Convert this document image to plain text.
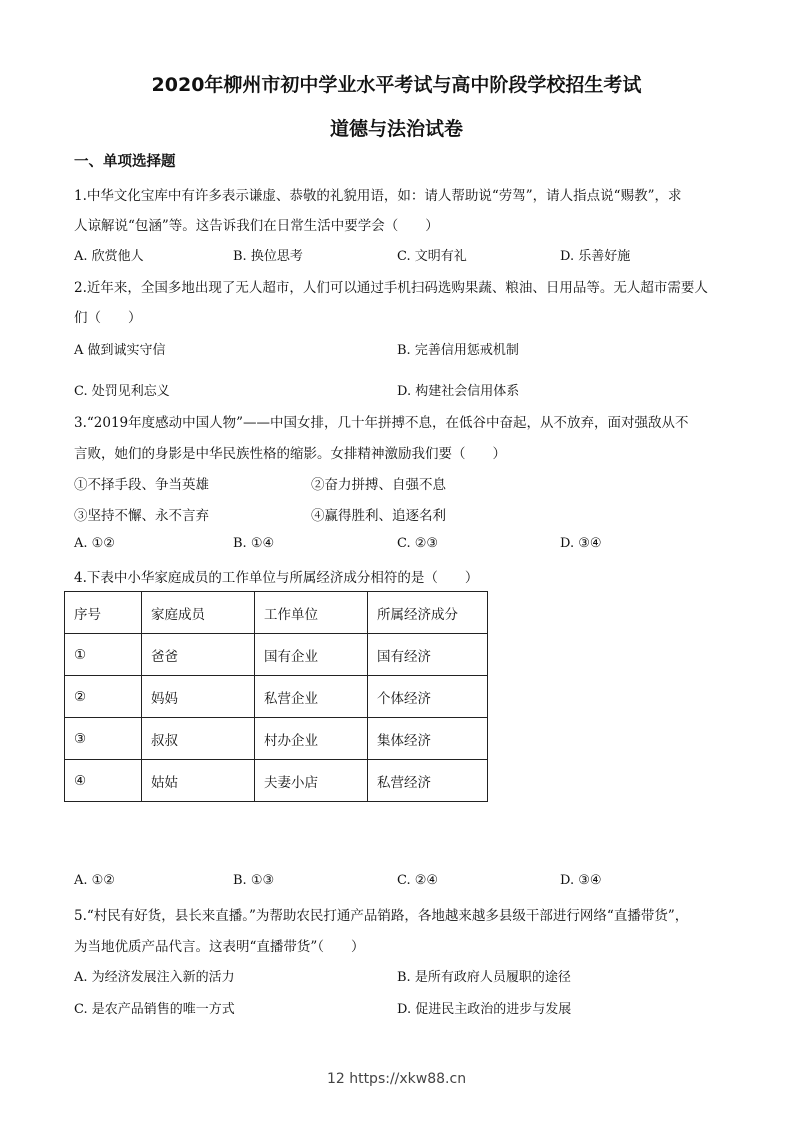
2020年柳州市初中学业水平考试与高中阶段学校招生考试
道德与法治试卷
一、单项选择题
1.中华文化宝库中有许多表示谦虚、恭敬的礼貌用语，如：请人帮助说“劳驾”，请人指点说“赐教”，求
人谅解说“包涵”等。这告诉我们在日常生活中要学会（　　）
A. 欣赏他人	B. 换位思考	C. 文明有礼	D. 乐善好施
2.近年来，全国多地出现了无人超市，人们可以通过手机扫码选购果蔬、粮油、日用品等。无人超市需要人
们（　　）
A 做到诚实守信	B. 完善信用惩戒机制
C. 处罚见利忘义	D. 构建社会信用体系
3.“2019年度感动中国人物”——中国女排，几十年拼搏不息，在低谷中奋起，从不放弃，面对强敌从不
言败，她们的身影是中华民族性格的缩影。女排精神激励我们要（　　）
①不择手段、争当英雄	②奋力拼搏、自强不息
③坚持不懈、永不言弃	④赢得胜利、追逐名利
A. ①②	B. ①④	C. ②③	D. ③④
4.下表中小华家庭成员的工作单位与所属经济成分相符的是（　　）
序号	家庭成员	工作单位	所属经济成分
①	爸爸	国有企业	国有经济
②	妈妈	私营企业	个体经济
③	叔叔	村办企业	集体经济
④	姑姑	夫妻小店	私营经济
A. ①②	B. ①③	C. ②④	D. ③④
5.“村民有好货，县长来直播。”为帮助农民打通产品销路，各地越来越多县级干部进行网络“直播带货”，
为当地优质产品代言。这表明“直播带货”（　　）
A. 为经济发展注入新的活力	B. 是所有政府人员履职的途径
C. 是农产品销售的唯一方式	D. 促进民主政治的进步与发展
12 https://xkw88.cn
